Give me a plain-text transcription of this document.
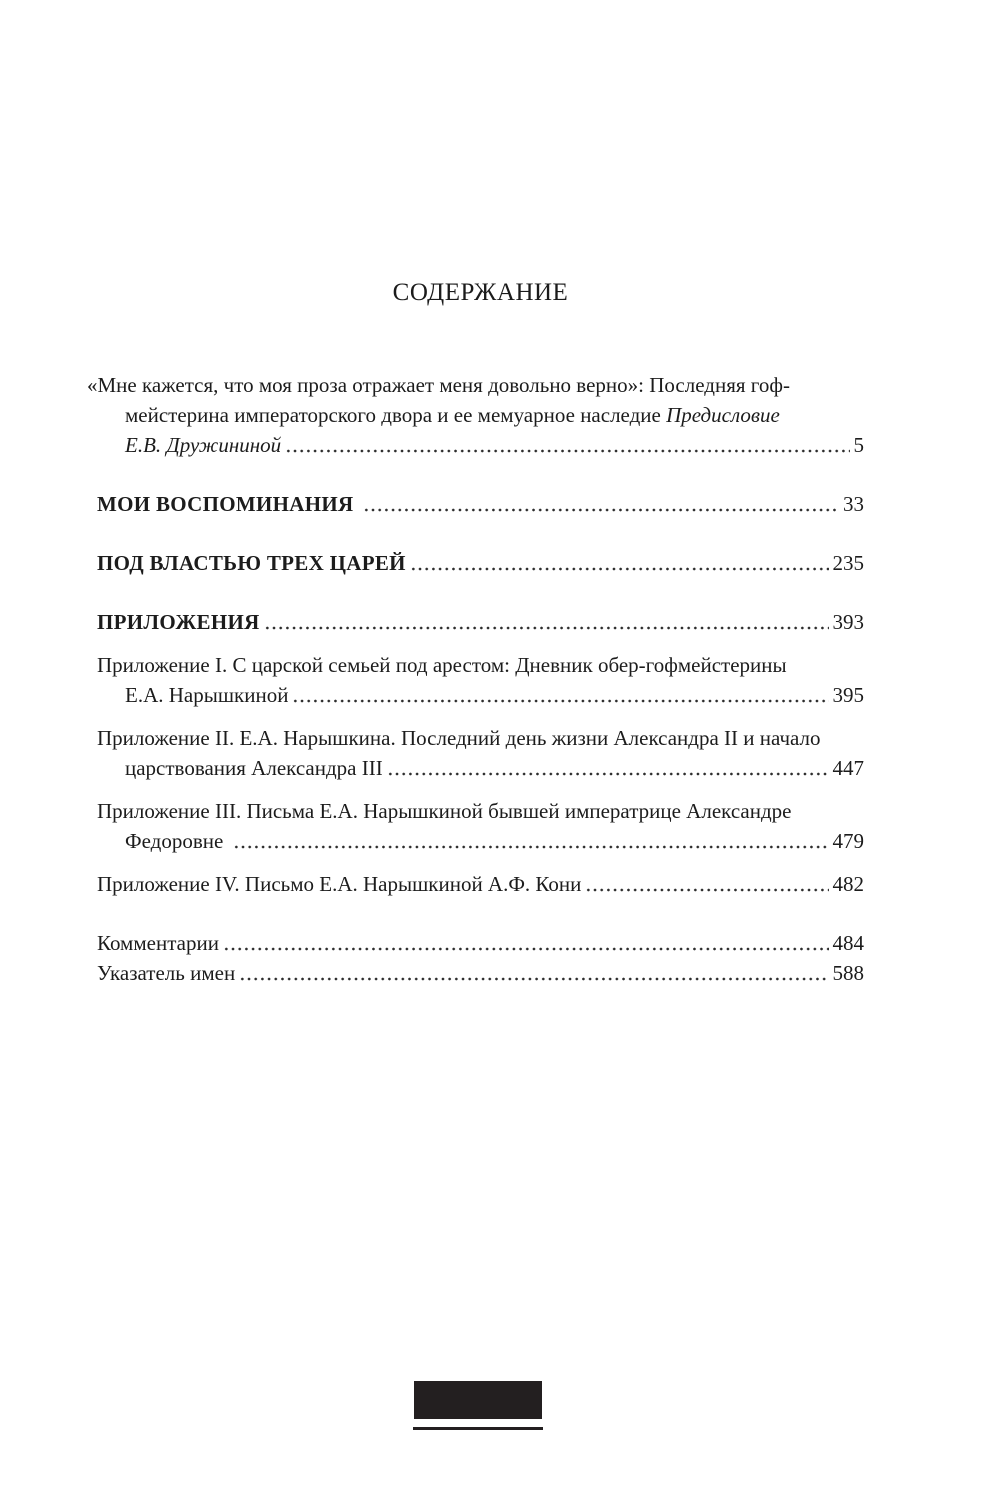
СОДЕРЖАНИЕ
«Мне кажется, что моя проза отражает меня довольно верно»: Последняя гоф-
мейстерина императорского двора и ее мемуарное наследие Предисловие
Е.В. Дружининой	5
МОИ ВОСПОМИНАНИЯ	33
ПОД ВЛАСТЬЮ ТРЕХ ЦАРЕЙ	235
ПРИЛОЖЕНИЯ	393
Приложение I. С царской семьей под арестом: Дневник обер-гофмейстерины
Е.А. Нарышкиной	395
Приложение II. Е.А. Нарышкина. Последний день жизни Александра II и начало
царствования Александра III	447
Приложение III. Письма Е.А. Нарышкиной бывшей императрице Александре
Федоровне	479
Приложение IV. Письмо Е.А. Нарышкиной А.Ф. Кони	482
Комментарии	484
Указатель имен	588
